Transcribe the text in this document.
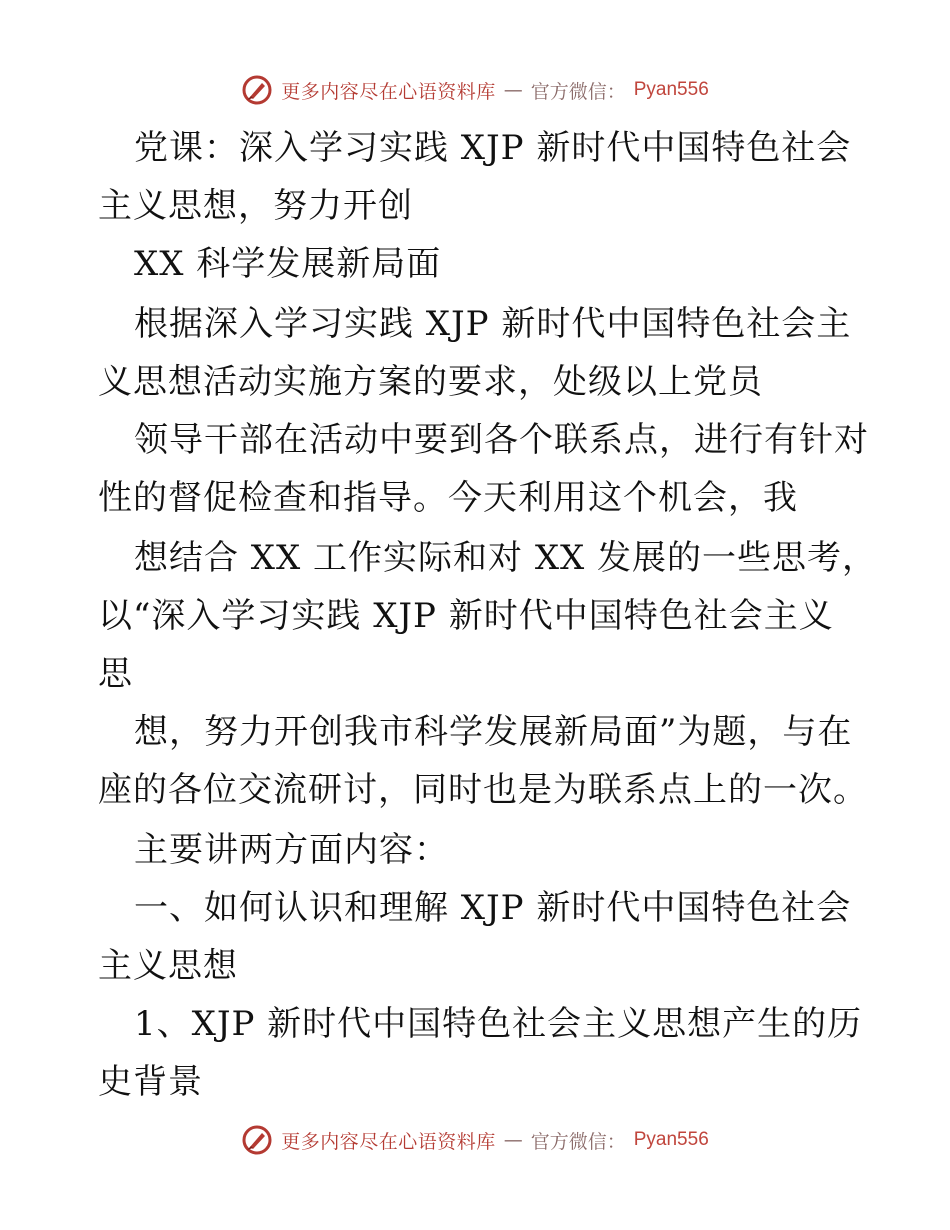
更多内容尽在心语资料库 — 官方微信： Pyan556
党课：深入学习实践 XJP 新时代中国特色社会
主义思想，努力开创
XX 科学发展新局面
根据深入学习实践 XJP 新时代中国特色社会主
义思想活动实施方案的要求，处级以上党员
领导干部在活动中要到各个联系点，进行有针对
性的督促检查和指导。今天利用这个机会，我
想结合 XX 工作实际和对 XX 发展的一些思考，
以“深入学习实践 XJP 新时代中国特色社会主义
思
想，努力开创我市科学发展新局面”为题，与在
座的各位交流研讨，同时也是为联系点上的一次。
主要讲两方面内容：
一、如何认识和理解 XJP 新时代中国特色社会
主义思想
1、XJP 新时代中国特色社会主义思想产生的历
史背景
更多内容尽在心语资料库 — 官方微信： Pyan556
